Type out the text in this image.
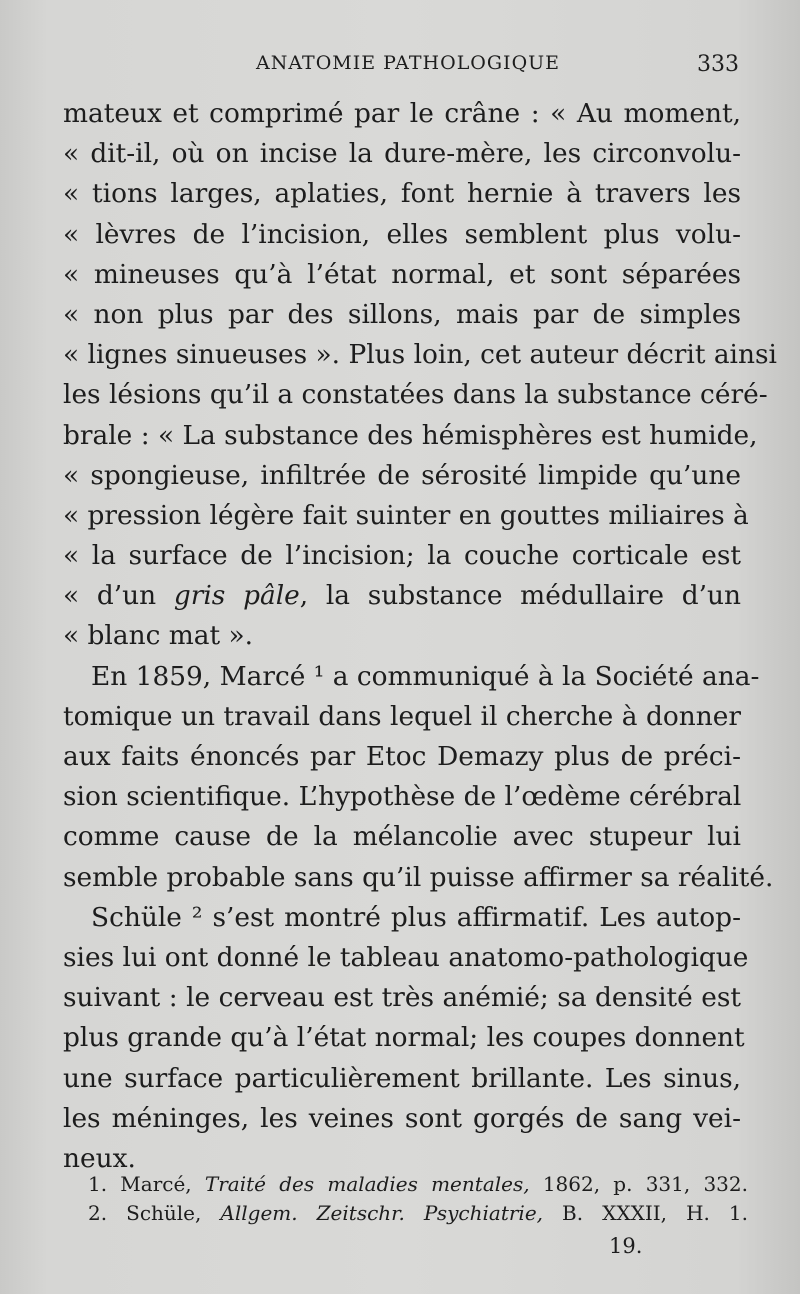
ANATOMIE PATHOLOGIQUE	333
mateux et comprimé par le crâne : « Au moment,
« dit-il, où on incise la dure-mère, les circonvolu-
« tions larges, aplaties, font hernie à travers les
« lèvres de l’incision, elles semblent plus volu-
« mineuses qu’à l’état normal, et sont séparées
« non plus par des sillons, mais par de simples
« lignes sinueuses ». Plus loin, cet auteur décrit ainsi
les lésions qu’il a constatées dans la substance céré-
brale : « La substance des hémisphères est humide,
« spongieuse, infiltrée de sérosité limpide qu’une
« pression légère fait suinter en gouttes miliaires à
« la surface de l’incision; la couche corticale est
« d’un gris pâle, la substance médullaire d’un
« blanc mat ».
En 1859, Marcé ¹ a communiqué à la Société ana-
tomique un travail dans lequel il cherche à donner
aux faits énoncés par Etoc Demazy plus de préci-
sion scientifique. L’hypothèse de l’œdème cérébral
comme cause de la mélancolie avec stupeur lui
semble probable sans qu’il puisse affirmer sa réalité.
Schüle ² s’est montré plus affirmatif. Les autop-
sies lui ont donné le tableau anatomo-pathologique
suivant : le cerveau est très anémié; sa densité est
plus grande qu’à l’état normal; les coupes donnent
une surface particulièrement brillante. Les sinus,
les méninges, les veines sont gorgés de sang vei-
neux.
1. Marcé, Traité des maladies mentales, 1862, p. 331, 332.
2. Schüle, Allgem. Zeitschr. Psychiatrie, B. XXXII, H. 1.
19.
